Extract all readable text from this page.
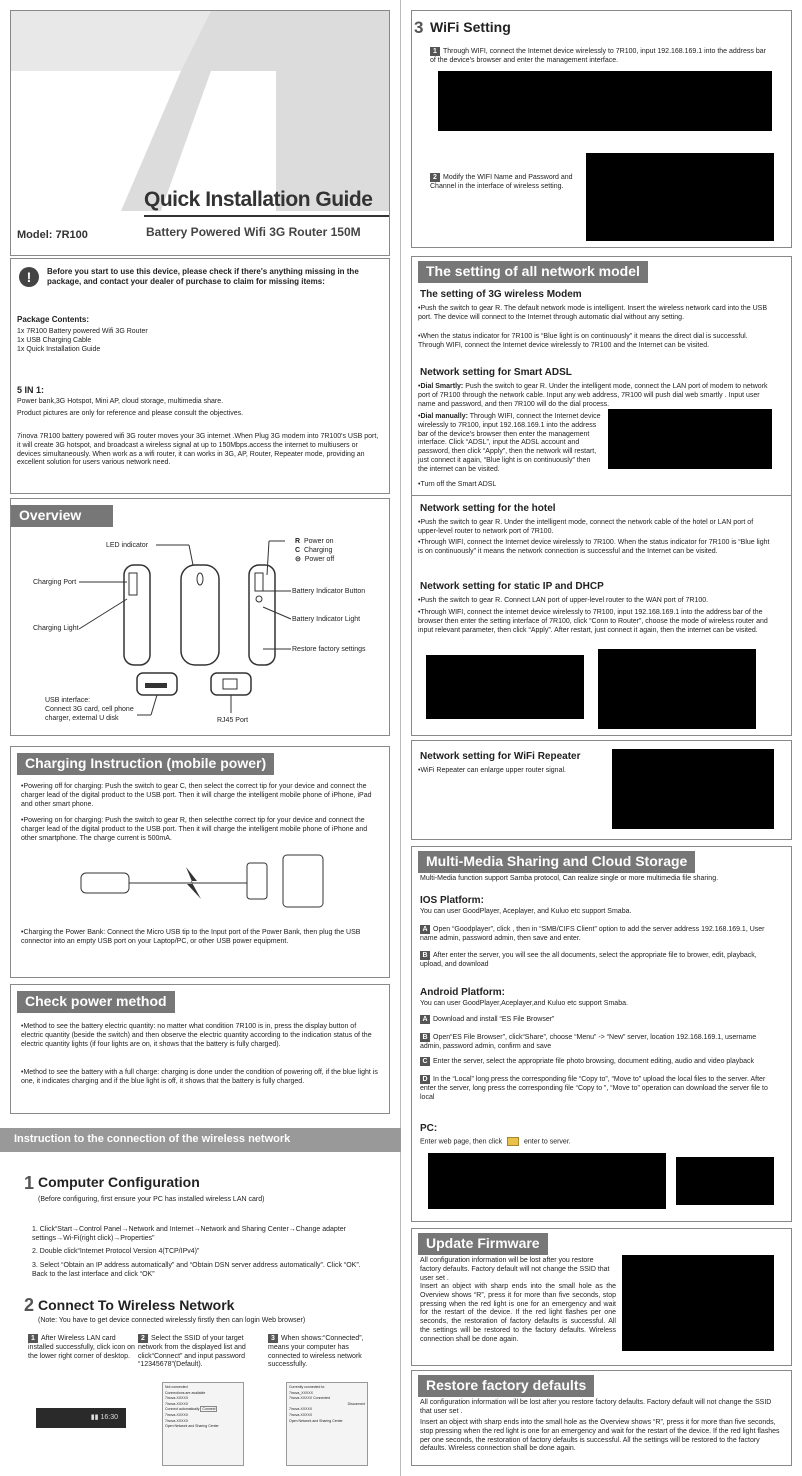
Quick Installation Guide
Model: 7R100	Battery Powered Wifi 3G Router 150M
!	Before you start to use this device, please check if there's anything missing in the package, and contact your dealer of purchase to claim for missing items:
Package Contents:
1x 7R100 Battery powered Wifi 3G Router
1x USB Charging Cable
1x Quick Installation Guide
5 IN 1:
Power bank,3G Hotspot, Mini AP, cloud storage, multimedia share.
Product pictures are only for reference and please consult the objectives.
7inova 7R100 battery powered wifi 3G router moves your 3G internet .When Plug 3G modem into 7R100's USB port, it will create 3G hotspot, and broadcast a wireless signal at up to 150Mbps.access the internet to multiusers or devices simultaneously. When work as a wifi router, it can works in 3G, AP, Router, Repeater mode, providing an excellent solution for users various network need.
Overview
LED indicator
Charging Port
Charging Light
R Power on
C Charging
⊝ Power off
Battery Indicator Button
Battery Indicator Light
Restore factory settings
USB interface:
Connect 3G card, cell phone charger, external U disk	RJ45 Port
Charging Instruction (mobile power)
• Powering off for charging: Push the switch to gear C, then select the correct tip for your device and connect the charger lead of the digital product to the USB port. Then it will charge the intelligent mobile phone of iPhone, iPad and other smart phone.
• Powering on for charging: Push the switch to gear R, then selectthe correct tip for your device and connect the charger lead of the digital product to the USB port. Then it will charge the intelligent mobile phone of iPhone and other smartphone. The charge current is 500mA.
• Charging the Power Bank: Connect the Micro USB tip to the Input port of the Power Bank, then plug the USB connector into an empty USB port on your Laptop/PC, or other USB power equipment.
Check power method
• Method to see the battery electric quantity: no matter what condition 7R100 is in, press the display button of electric quantity (beside the switch) and then observe the electric quantity according to the indication status of the electric quantity lights (if four lights are on, it shows that the battery is fully charged).
• Method to see the battery with a full charge: charging is done under the condition of powering off, if the blue light is one, it indicates charging and if the blue light is off, it shows that the battery is fully charged.
Instruction to the connection of the wireless network
1 Computer Configuration
(Before configuring, first ensure your PC has installed wireless LAN card)
1. Click“Start→Control Panel→Network and Internet→Network and Sharing Center→Change adapter settings→Wi-Fi(right click)→Properties”
2. Double click“Internet Protocol Version 4(TCP/IPv4)”
3. Select “Obtain an IP address automatically” and “Obtain DSN server address automatically”. Click “OK”. Back to the last interface and click “OK”
2 Connect To Wireless Network
(Note: You have to get device connected wirelessly firstly then can login Web browser)
1 After Wireless LAN card installed successfully, click icon on the lower right corner of desktop.
2 Select the SSID of your target network from the displayed list and click“Connect” and input password “12345678”(Default).
3 When shows:“Connected”, means your computer has connected to wireless network successfully.
▮▮ 16:30
Not connected
Connections are available
7inova-XXXXX
7inova-XXXXX
Connect automatically Connect
7inova-XXXXX
7inova-XXXXX
Open Network and Sharing Center
Currently connected to:
7inova_XXXXX
7inova-XXXXX Connected
Disconnect
7inova-XXXXX
7inova-XXXXX
Open Network and Sharing Center
3 WiFi Setting
1 Through WIFI, connect the Internet device wirelessly to 7R100, input 192.168.169.1 into the address bar of the device's browser and enter the management interface.
2 Modify the WIFI Name and Password and Channel in the interface of wireless setting.
The setting of all network model
The setting of 3G wireless Modem
• Push the switch to gear R. The default network mode is intelligent. Insert the wireless network card into the USB port. The device will connect to the Internet through automatic dial without any setting.
• When the status indicator for 7R100 is “Blue light is on continuously” it means the direct dial is successful. Through WIFI, connect the Internet device wirelessly to 7R100 and the Internet can be visited.
Network setting for Smart ADSL
• Dial Smartly: Push the switch to gear R. Under the intelligent mode, connect the LAN port of modem to network port of 7R100 through the network cable. Input any web address, 7R100 will push dial web smartly . Input user name and password, and then 7R100 will do the dial process.
• Dial manually: Through WIFI, connect the Internet device wirelessly to 7R100, input 192.168.169.1 into the address bar of the device's browser then enter the management interface. Click “ADSL”, input the ADSL account and password, then click “Apply”, then the network will restart, just connect it again, “Blue light is on continuously” then the internet can be visited.
• Turn off the Smart ADSL
Network setting for the hotel
• Push the switch to gear R. Under the intelligent mode, connect the network cable of the hotel or LAN port of upper-level router to network port of 7R100.
• Through WIFI, connect the Internet device wirelessly to 7R100. When the status indicator for 7R100 is “Blue light is on continuously” it means the network connection is successful and the Internet can be visited.
Network setting for static IP and DHCP
• Push the switch to gear R. Connect LAN port of upper-level router to the WAN port of 7R100.
• Through WIFI, connect the internet device wirelessly to 7R100, input 192.168.169.1 into the address bar of the browser then enter the setting interface of 7R100, click “Conn to Router”, choose the mode of wireless router and input relevant parameter, then click “Apply”. After restart, just connect it again, then the internet can be visited.
Network setting for WiFi Repeater
• WiFi Repeater can enlarge upper router signal.
Multi-Media Sharing and Cloud Storage
Multi-Media function support Samba protocol, Can realize single or more multimedia file sharing.
IOS Platform:
You can user GoodPlayer, Aceplayer, and Kuluo etc support Smaba.
A Open “Goodplayer”, click , then in “SMB/CIFS Client” option to add the server address 192.168.169.1, User name admin, password admin, then save and enter.
B After enter the server, you will see the all documents, select the appropriate file to brower, edit, playback, upload, and download
Android Platform:
You can user GoodPlayer,Aceplayer,and Kuluo etc support Smaba.
A Download and install “ES File Browser”
B Open“ES File Browser”, click“Share”, choose “Menu” -> “New” server, location 192.168.169.1, username admin, password admin, confirm and save
C Enter the server, select the appropriate file photo browsing, document editing, audio and video playback
D In the “Local” long press the corresponding file “Copy to”, “Move to” upload the local files to the server. After enter the server, long press the corresponding file “Copy to ”, “Move to” operation can download the server file to local
PC:
Enter web page, then click	enter to server.
Update Firmware
All configuration information will be lost after you restore factory defaults. Factory default will not change the SSID that user set .
Insert an object with sharp ends into the small hole as the Overview shows “R”, press it for more than five seconds, stop pressing when the red light is one for an emergency and wait for the restart of the device. If the red light flashes per one seconds, the restoration of factory defaults is successful. All the settings will be restored to the factory defaults. Wireless connection shall be done again.
Restore factory defaults
All configuration information will be lost after you restore factory defaults. Factory default will not change the SSID that user set .
Insert an object with sharp ends into the small hole as the Overview shows “R”, press it for more than five seconds, stop pressing when the red light is one for an emergency and wait for the restart of the device. If the red light flashes per one seconds, the restoration of factory defaults is successful. All the settings will be restored to the factory defaults. Wireless connection shall be done again.
